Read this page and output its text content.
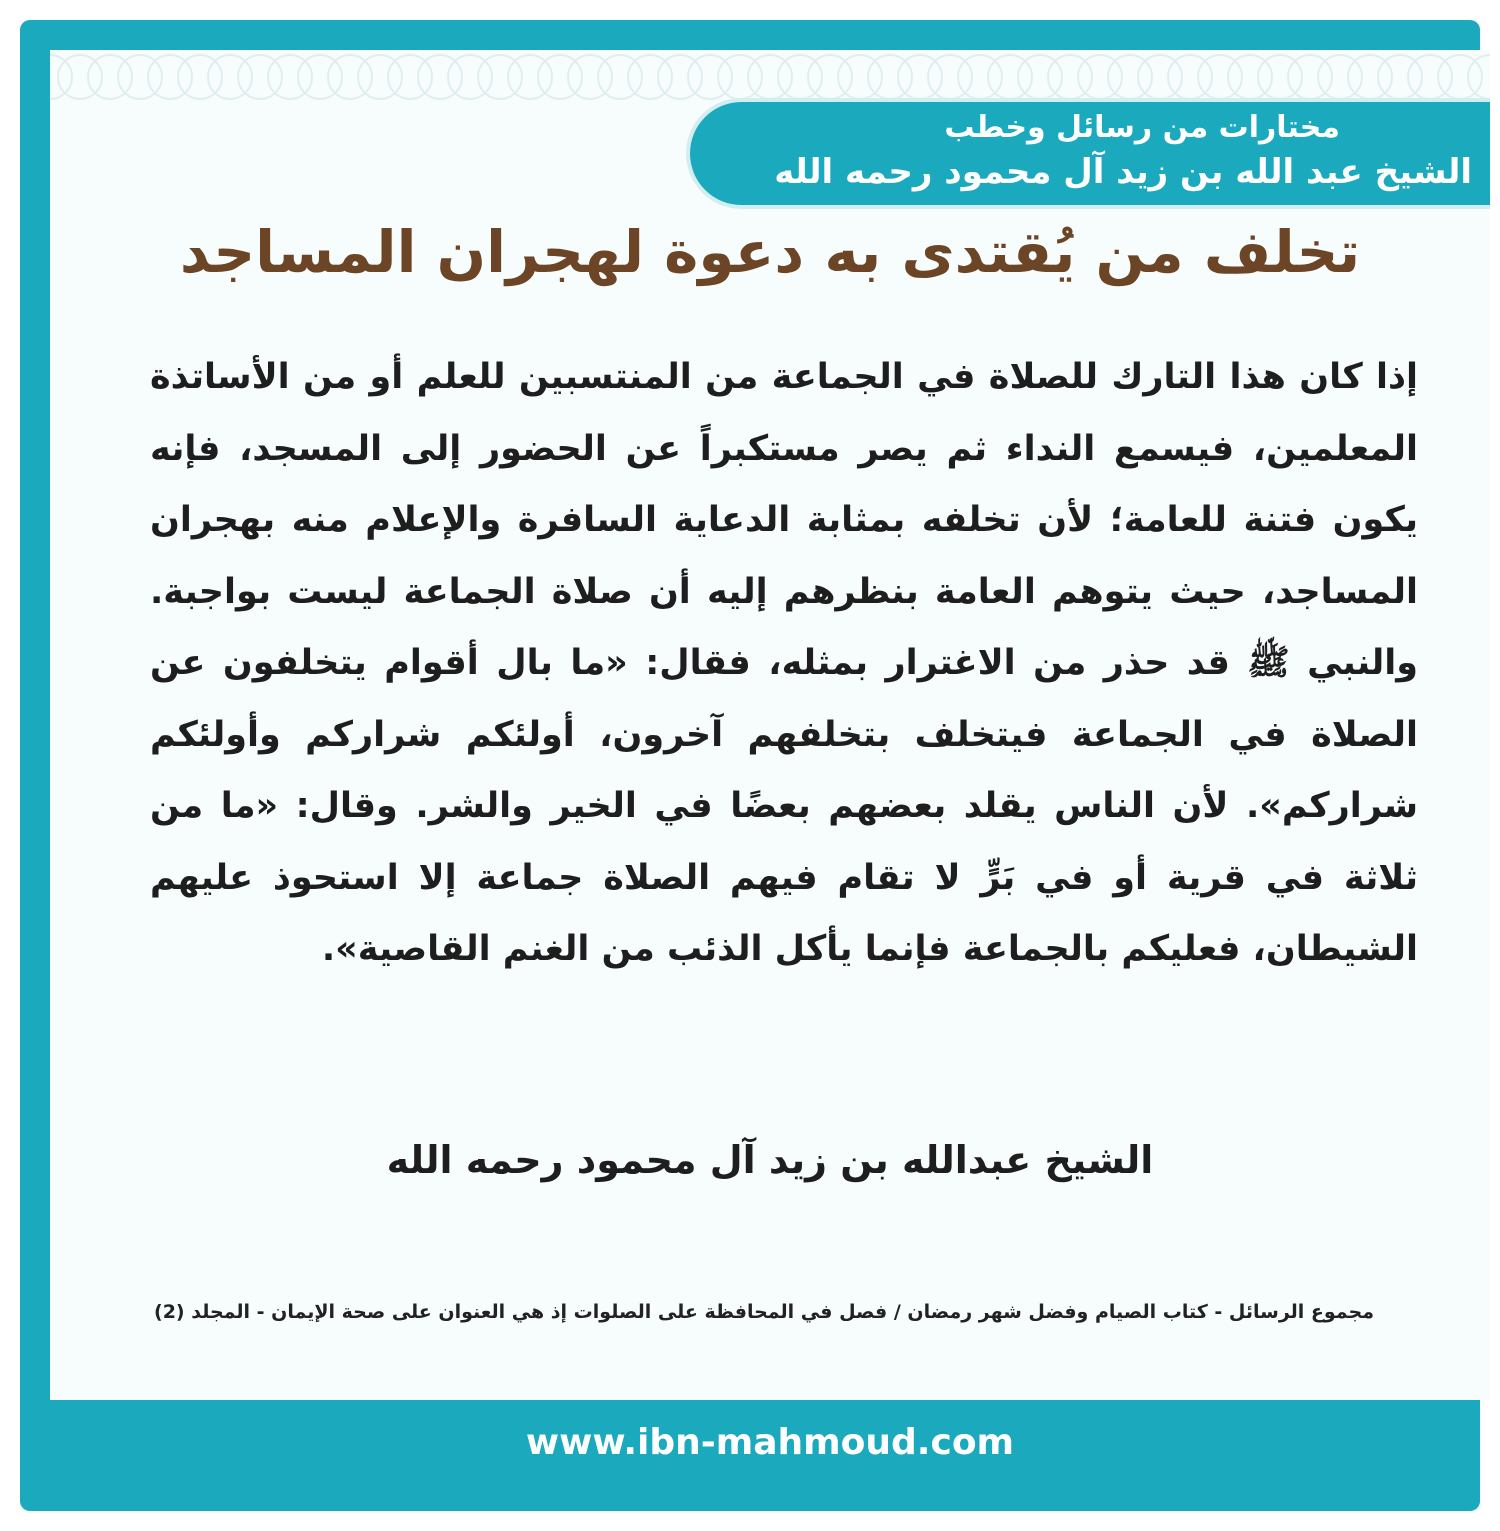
مختارات من رسائل وخطب
الشيخ عبد الله بن زيد آل محمود رحمه الله
تخلف من يُقتدى به دعوة لهجران المساجد
إذا كان هذا التارك للصلاة في الجماعة من المنتسبين للعلم أو من الأساتذة المعلمين، فيسمع النداء ثم يصر مستكبراً عن الحضور إلى المسجد، فإنه يكون فتنة للعامة؛ لأن تخلفه بمثابة الدعاية السافرة والإعلام منه بهجران المساجد، حيث يتوهم العامة بنظرهم إليه أن صلاة الجماعة ليست بواجبة. والنبي ﷺ قد حذر من الاغترار بمثله، فقال: «ما بال أقوام يتخلفون عن الصلاة في الجماعة فيتخلف بتخلفهم آخرون، أولئكم شراركم وأولئكم شراركم». لأن الناس يقلد بعضهم بعضًا في الخير والشر. وقال: «ما من ثلاثة في قرية أو في بَرٍّ لا تقام فيهم الصلاة جماعة إلا استحوذ عليهم الشيطان، فعليكم بالجماعة فإنما يأكل الذئب من الغنم القاصية».
الشيخ عبدالله بن زيد آل محمود رحمه الله
مجموع الرسائل - كتاب الصيام وفضل شهر رمضان / فصل في المحافظة على الصلوات إذ هي العنوان على صحة الإيمان - المجلد (2)
www.ibn-mahmoud.com
